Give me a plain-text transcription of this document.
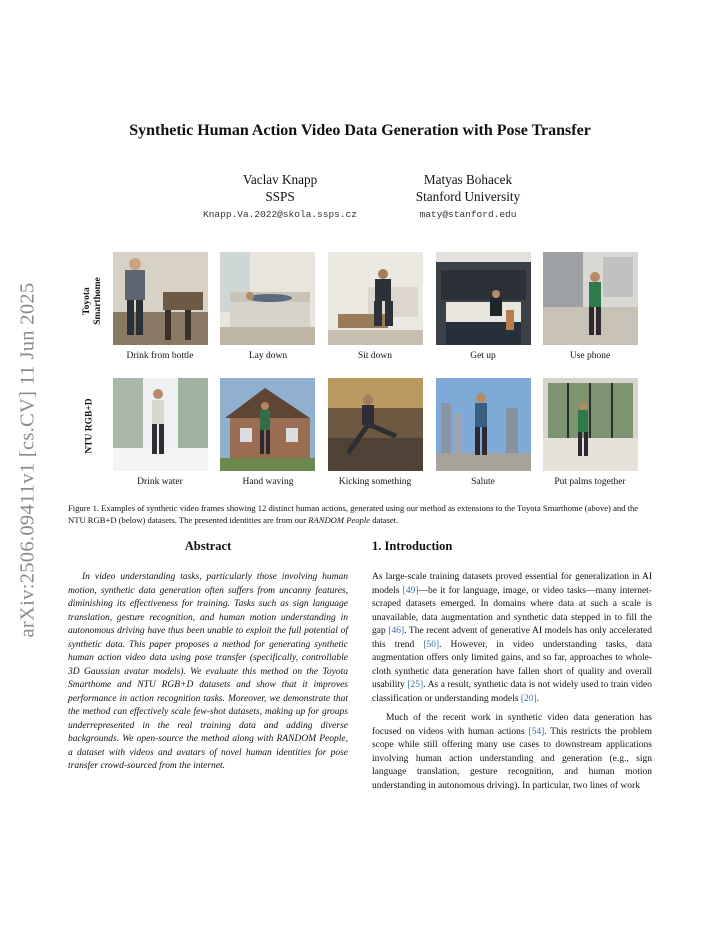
arXiv:2506.09411v1 [cs.CV] 11 Jun 2025
Synthetic Human Action Video Data Generation with Pose Transfer
Vaclav Knapp
SSPS
Knapp.Va.2022@skola.ssps.cz
Matyas Bohacek
Stanford University
maty@stanford.edu
Toyota Smarthome
NTU RGB+D
Drink from bottle	Lay down	Sit down	Get up	Use phone
Drink water	Hand waving	Kicking something	Salute	Put palms together
Figure 1. Examples of synthetic video frames showing 12 distinct human actions, generated using our method as extensions to the Toyota Smarthome (above) and the NTU RGB+D (below) datasets. The presented identities are from our RANDOM People dataset.
Abstract	1. Introduction
In video understanding tasks, particularly those involving human motion, synthetic data generation often suffers from uncanny features, diminishing its effectiveness for training. Tasks such as sign language translation, gesture recognition, and human motion understanding in autonomous driving have thus been unable to exploit the full potential of synthetic data. This paper proposes a method for generating synthetic human action video data using pose transfer (specifically, controllable 3D Gaussian avatar models). We evaluate this method on the Toyota Smarthome and NTU RGB+D datasets and show that it improves performance in action recognition tasks. Moreover, we demonstrate that the method can effectively scale few-shot datasets, making up for groups underrepresented in the real training data and adding diverse backgrounds. We open-source the method along with RANDOM People, a dataset with videos and avatars of novel human identities for pose transfer crowd-sourced from the internet.

As large-scale training datasets proved essential for generalization in AI models [49]—be it for language, image, or video tasks—many internet-scraped datasets emerged. In domains where data at such a scale is unavailable, data augmentation and synthetic data stepped in to fill the gap [46]. The recent advent of generative AI models has only accelerated this trend [50]. However, in video understanding tasks, data augmentation offers only limited gains, and so far, approaches to whole-cloth synthetic data generation have fallen short of quality and overall usability [25]. As a result, synthetic data is not widely used to train video classification or understanding models [20].

Much of the recent work in synthetic video data generation has focused on videos with human actions [54]. This restricts the problem scope while still offering many use cases to downstream applications involving human action understanding and generation (e.g., sign language translation, gesture recognition, and human motion understanding in autonomous driving). In particular, two lines of work
